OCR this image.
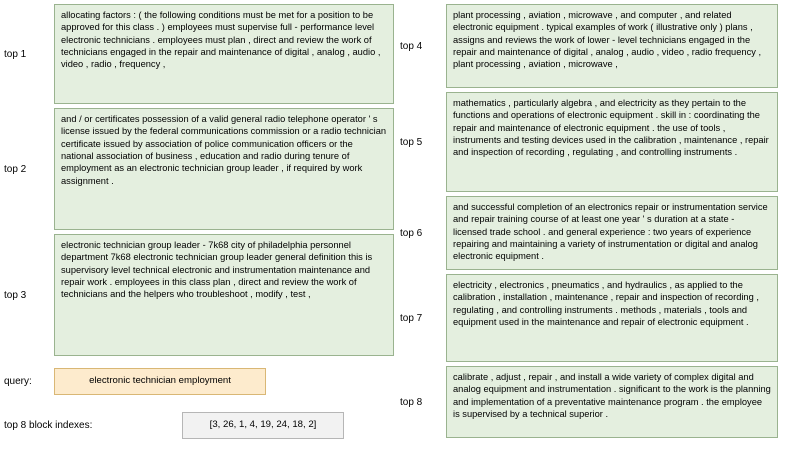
top 1
allocating factors : ( the following conditions must be met for a position to be approved for this class . ) employees must supervise full - performance level electronic technicians . employees must plan , direct and review the work of technicians engaged in the repair and maintenance of digital , analog , audio , video , radio , frequency ,
top 2
and / or certificates possession of a valid general radio telephone operator ' s license issued by the federal communications commission or a radio technician certificate issued by association of police communication officers or the national association of business , education and radio during tenure of employment as an electronic technician group leader , if required by work assignment .
top 3
electronic technician group leader - 7k68 city of philadelphia personnel department 7k68 electronic technician group leader general definition this is supervisory level technical electronic and instrumentation maintenance and repair work . employees in this class plan , direct and review the work of technicians and the helpers who troubleshoot , modify , test ,
query:	electronic technician employment
top 8 block indexes:	[3, 26, 1, 4, 19, 24, 18, 2]
top 4
plant processing , aviation , microwave , and computer , and related electronic equipment . typical examples of work ( illustrative only ) plans , assigns and reviews the work of lower - level technicians engaged in the repair and maintenance of digital , analog , audio , video , radio frequency , plant processing , aviation , microwave ,
top 5
mathematics , particularly algebra , and electricity as they pertain to the functions and operations of electronic equipment . skill in : coordinating the repair and maintenance of electronic equipment . the use of tools , instruments and testing devices used in the calibration , maintenance , repair and inspection of recording , regulating , and controlling instruments .
top 6
and successful completion of an electronics repair or instrumentation service and repair training course of at least one year ' s duration at a state - licensed trade school . and general experience : two years of experience repairing and maintaining a variety of instrumentation or digital and analog electronic equipment .
top 7
electricity , electronics , pneumatics , and hydraulics , as applied to the calibration , installation , maintenance , repair and inspection of recording , regulating , and controlling instruments . methods , materials , tools and equipment used in the maintenance and repair of electronic equipment .
top 8
calibrate , adjust , repair , and install a wide variety of complex digital and analog equipment and instrumentation . significant to the work is the planning and implementation of a preventative maintenance program . the employee is supervised by a technical superior .
